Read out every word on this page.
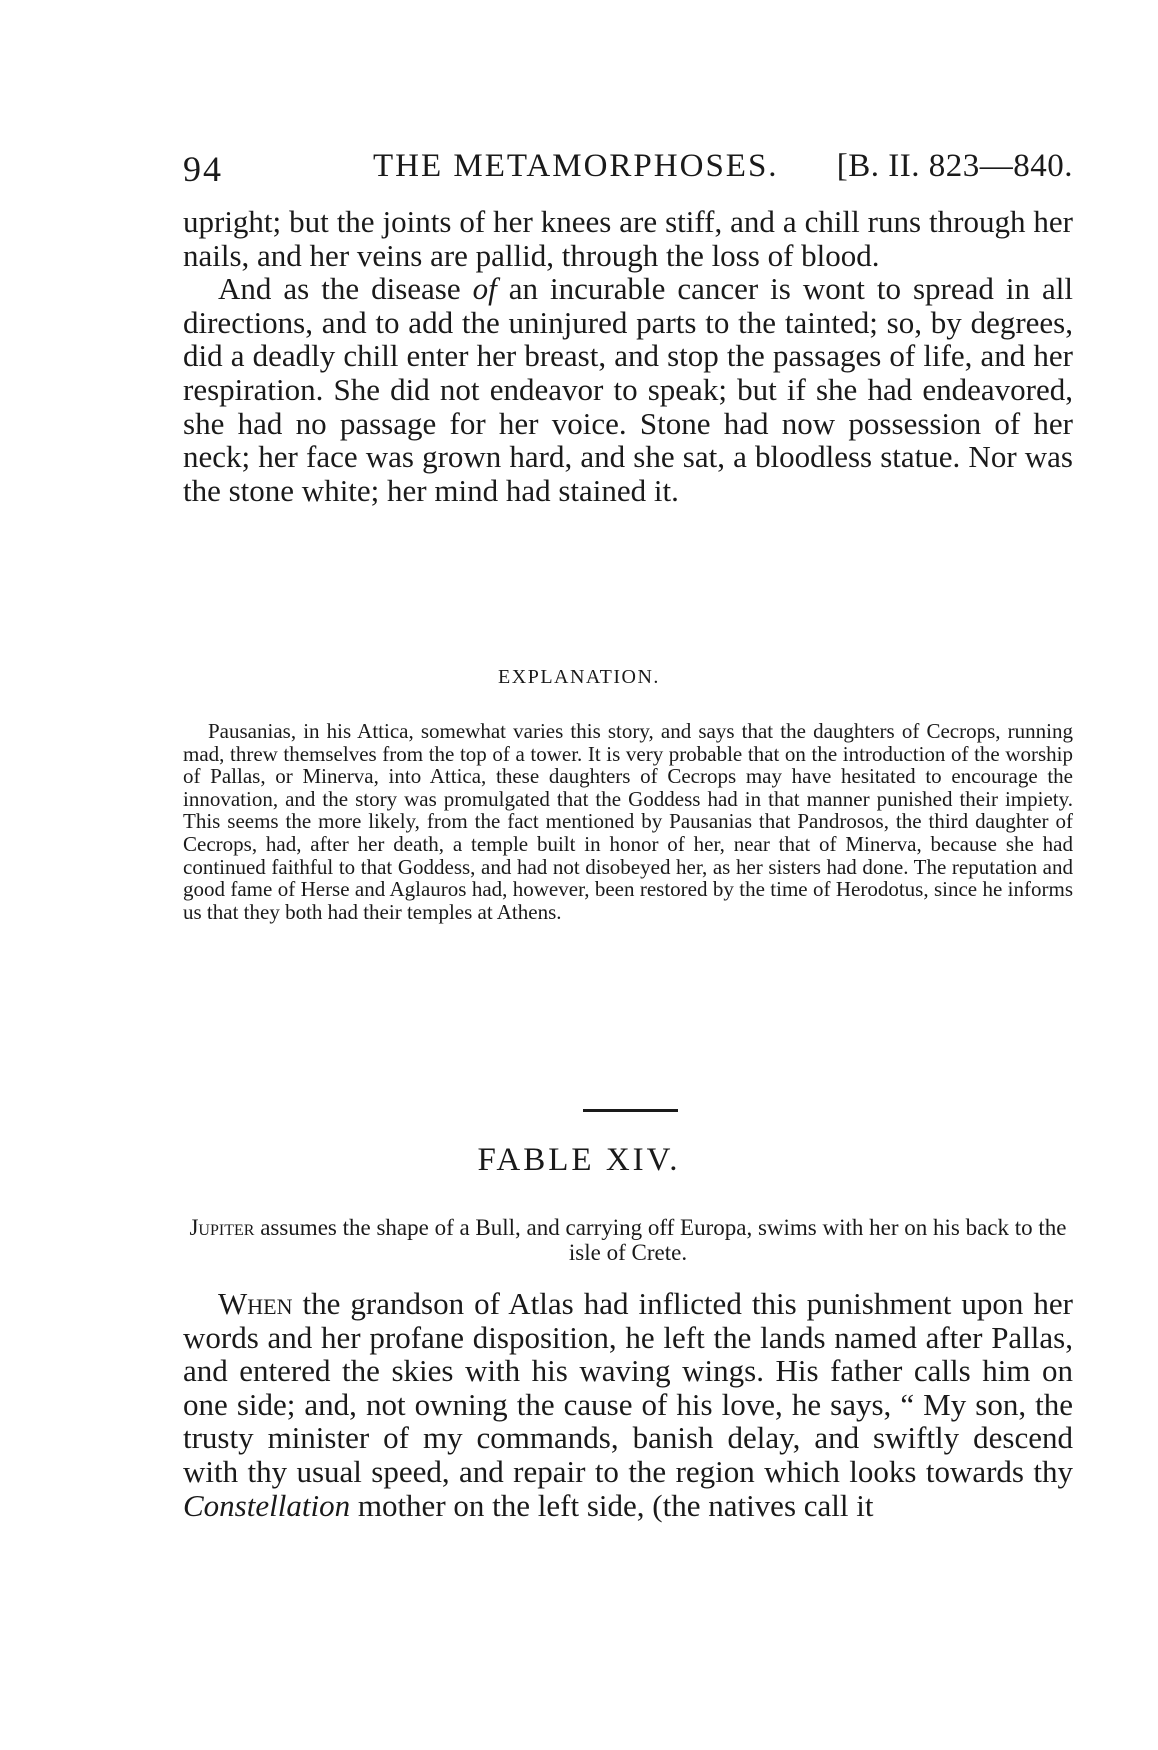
94	THE METAMORPHOSES. [B. II. 823—840.

upright; but the joints of her knees are stiff, and a chill runs through her nails, and her veins are pallid, through the loss of blood.

And as the disease of an incurable cancer is wont to spread in all directions, and to add the uninjured parts to the tainted; so, by degrees, did a deadly chill enter her breast, and stop the passages of life, and her respiration. She did not endeavor to speak; but if she had endeavored, she had no passage for her voice. Stone had now possession of her neck; her face was grown hard, and she sat, a bloodless statue. Nor was the stone white; her mind had stained it.

EXPLANATION.

Pausanias, in his Attica, somewhat varies this story, and says that the daughters of Cecrops, running mad, threw themselves from the top of a tower. It is very probable that on the introduction of the worship of Pallas, or Minerva, into Attica, these daughters of Cecrops may have hesitated to encourage the innovation, and the story was promulgated that the Goddess had in that manner punished their impiety. This seems the more likely, from the fact mentioned by Pausanias that Pandrosos, the third daughter of Cecrops, had, after her death, a temple built in honor of her, near that of Minerva, because she had continued faithful to that Goddess, and had not disobeyed her, as her sisters had done. The reputation and good fame of Herse and Aglauros had, however, been restored by the time of Herodotus, since he informs us that they both had their temples at Athens.

FABLE XIV.
Jupiter assumes the shape of a Bull, and carrying off Europa, swims with her on his back to the isle of Crete.

When the grandson of Atlas had inflicted this punishment upon her words and her profane disposition, he left the lands named after Pallas, and entered the skies with his waving wings. His father calls him on one side; and, not owning the cause of his love, he says, “ My son, the trusty minister of my commands, banish delay, and swiftly descend with thy usual speed, and repair to the region which looks towards thy Constellation mother on the left side, (the natives call it
